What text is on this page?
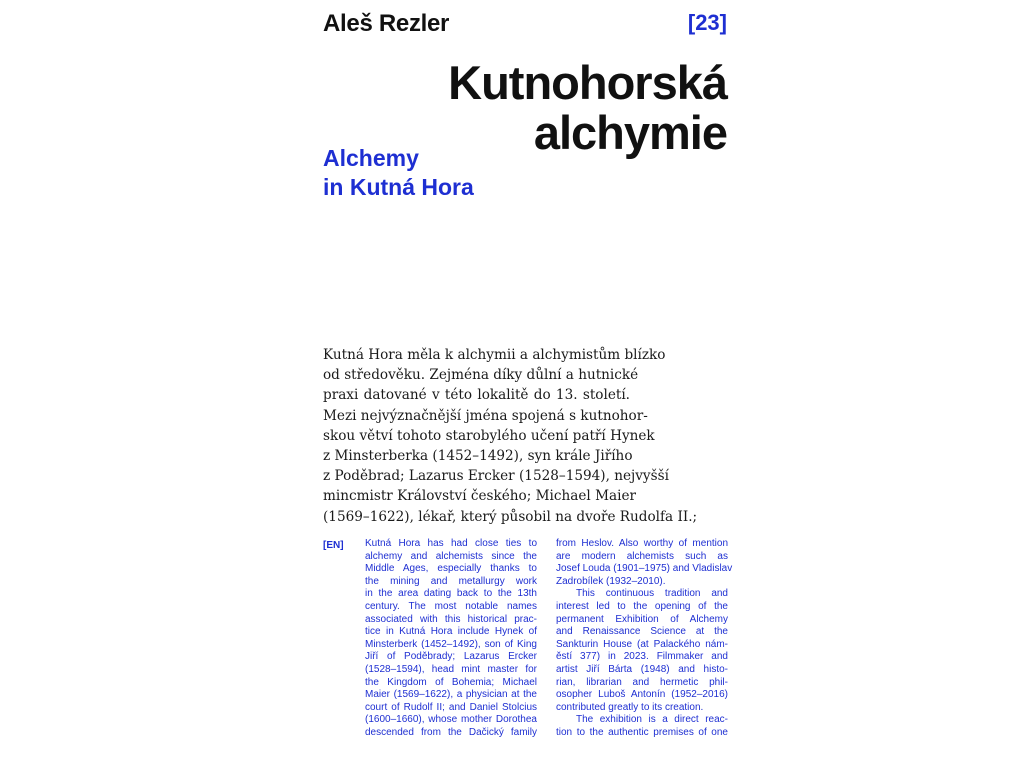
Aleš Rezler	[23]
Kutnohorská
alchymie
Alchemy
in Kutná Hora
Kutná Hora měla k alchymii a alchymistům blízko
od středověku. Zejména díky důlní a hutnické
praxi datované v této lokalitě do 13. století.
Mezi nejvýznačnější jména spojená s kutnohor-
skou větví tohoto starobylého učení patří Hynek
z Minsterberka (1452–1492), syn krále Jiřího
z Poděbrad; Lazarus Ercker (1528–1594), nejvyšší
mincmistr Království českého; Michael Maier
(1569–1622), lékař, který působil na dvoře Rudolfa II.;
[EN] Kutná Hora has had close ties to
alchemy and alchemists since the
Middle Ages, especially thanks to
the mining and metallurgy work
in the area dating back to the 13th
century. The most notable names
associated with this historical prac-
tice in Kutná Hora include Hynek of
Minsterberk (1452–1492), son of King
Jiří of Poděbrady; Lazarus Ercker
(1528–1594), head mint master for
the Kingdom of Bohemia; Michael
Maier (1569–1622), a physician at the
court of Rudolf II; and Daniel Stolcius
(1600–1660), whose mother Dorothea
descended from the Dačický family
from Heslov. Also worthy of mention
are modern alchemists such as
Josef Louda (1901–1975) and Vladislav
Zadrobílek (1932–2010).
This continuous tradition and
interest led to the opening of the
permanent Exhibition of Alchemy
and Renaissance Science at the
Sankturin House (at Palackého nám-
ěstí 377) in 2023. Filmmaker and
artist Jiří Bárta (1948) and histo-
rian, librarian and hermetic phil-
osopher Luboš Antonín (1952–2016)
contributed greatly to its creation.
The exhibition is a direct reac-
tion to the authentic premises of one
